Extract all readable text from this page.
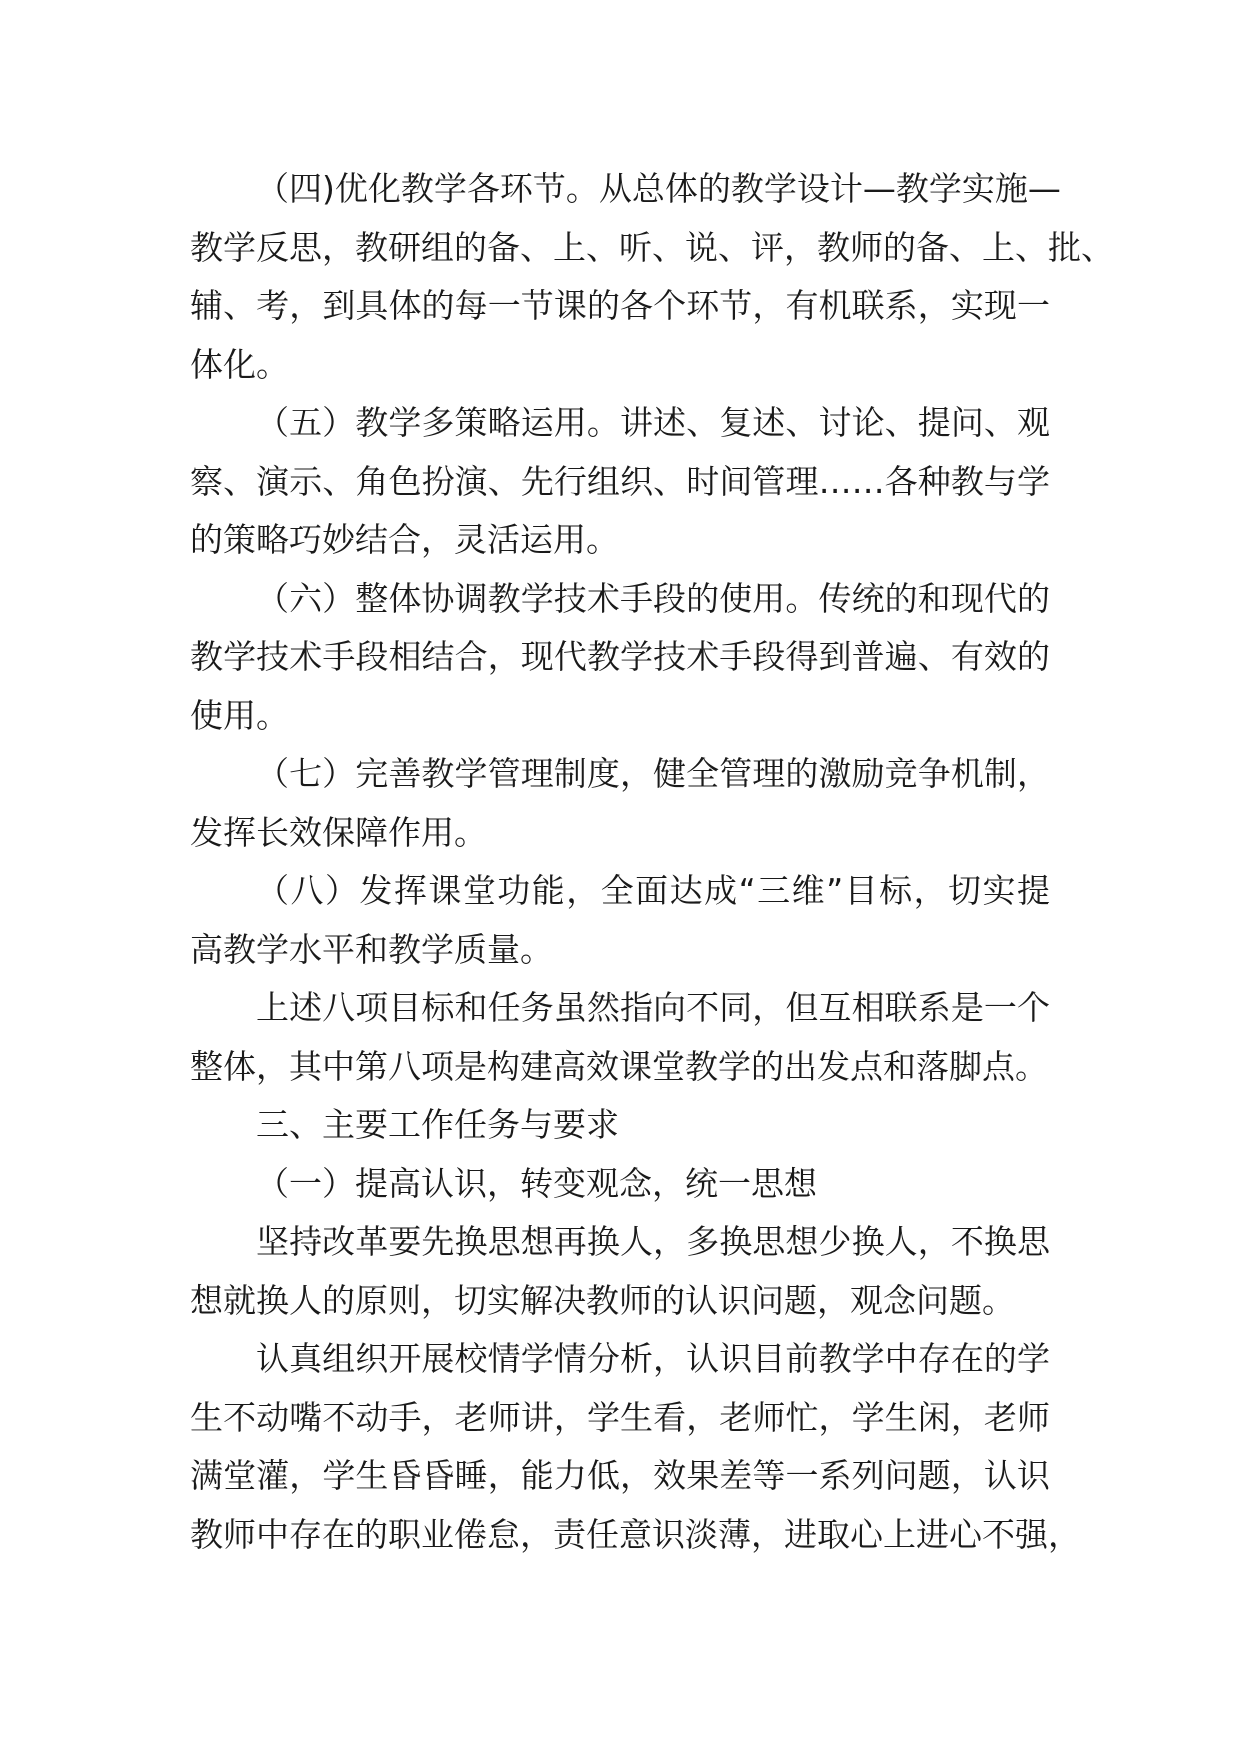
（四)优化教学各环节。从总体的教学设计—教学实施—
教学反思，教研组的备、上、听、说、评，教师的备、上、批、
辅、考，到具体的每一节课的各个环节，有机联系，实现一
体化。
（五）教学多策略运用。讲述、复述、讨论、提问、观
察、演示、角色扮演、先行组织、时间管理……各种教与学
的策略巧妙结合，灵活运用。
（六）整体协调教学技术手段的使用。传统的和现代的
教学技术手段相结合，现代教学技术手段得到普遍、有效的
使用。
（七）完善教学管理制度，健全管理的激励竞争机制，
发挥长效保障作用。
（八）发挥课堂功能，全面达成“三维”目标，切实提
高教学水平和教学质量。
上述八项目标和任务虽然指向不同，但互相联系是一个
整体，其中第八项是构建高效课堂教学的出发点和落脚点。
三、主要工作任务与要求
（一）提高认识，转变观念，统一思想
坚持改革要先换思想再换人，多换思想少换人，不换思
想就换人的原则，切实解决教师的认识问题，观念问题。
认真组织开展校情学情分析，认识目前教学中存在的学
生不动嘴不动手，老师讲，学生看，老师忙，学生闲，老师
满堂灌，学生昏昏睡，能力低，效果差等一系列问题，认识
教师中存在的职业倦怠，责任意识淡薄，进取心上进心不强，
